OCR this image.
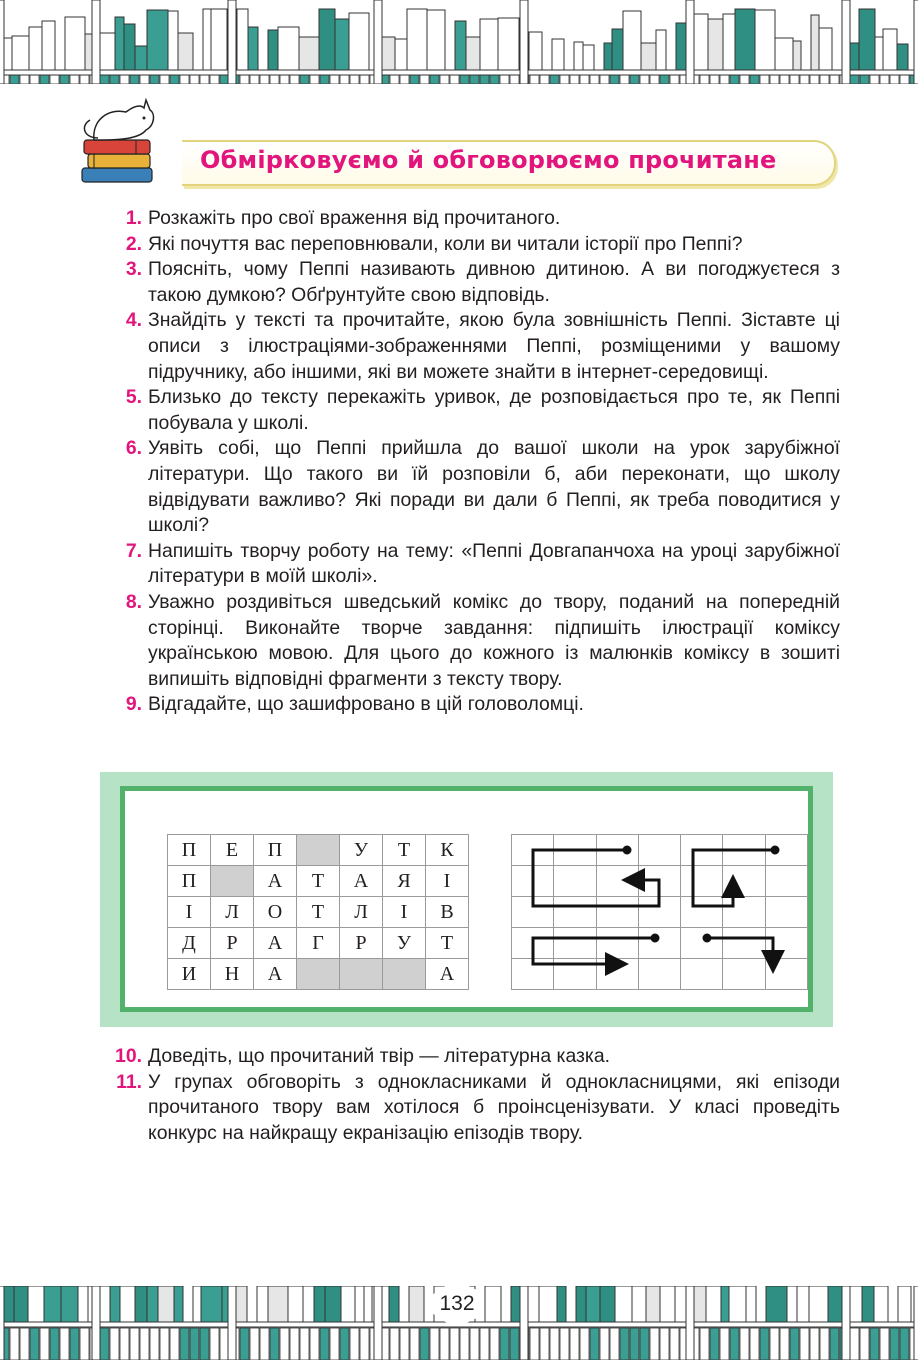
Обмірковуємо й обговорюємо прочитане
1. Розкажіть про свої враження від прочитаного.
2. Які почуття вас переповнювали, коли ви читали історії про Пеппі?
3. Поясніть, чому Пеппі називають дивною дитиною. А ви погоджуєтеся з такою думкою? Обґрунтуйте свою відповідь.
4. Знайдіть у тексті та прочитайте, якою була зовнішність Пеппі. Зіставте ці описи з ілюстраціями-зображеннями Пеппі, розміщеними у вашому підручнику, або іншими, які ви можете знайти в інтернет-середовищі.
5. Близько до тексту перекажіть уривок, де розповідається про те, як Пеппі побувала у школі.
6. Уявіть собі, що Пеппі прийшла до вашої школи на урок зарубіжної літератури. Що такого ви їй розповіли б, аби переконати, що школу відвідувати важливо? Які поради ви дали б Пеппі, як треба поводитися у школі?
7. Напишіть творчу роботу на тему: «Пеппі Довгапанчоха на уроці зарубіжної літератури в моїй школі».
8. Уважно роздивіться шведський комікс до твору, поданий на попередній сторінці. Виконайте творче завдання: підпишіть ілюстрації коміксу українською мовою. Для цього до кожного із малюнків коміксу в зошиті випишіть відповідні фрагменти з тексту твору.
9. Відгадайте, що зашифровано в цій головоломці.
П	Е	П		У	Т	К
П		А	Т	А	Я	І
І	Л	О	Т	Л	І	В
Д	Р	А	Г	Р	У	Т
И	Н	А				А

10. Доведіть, що прочитаний твір — літературна казка.
11. У групах обговоріть з однокласниками й однокласницями, які епізоди прочитаного твору вам хотілося б проінсценізувати. У класі проведіть конкурс на найкращу екранізацію епізодів твору.
132
